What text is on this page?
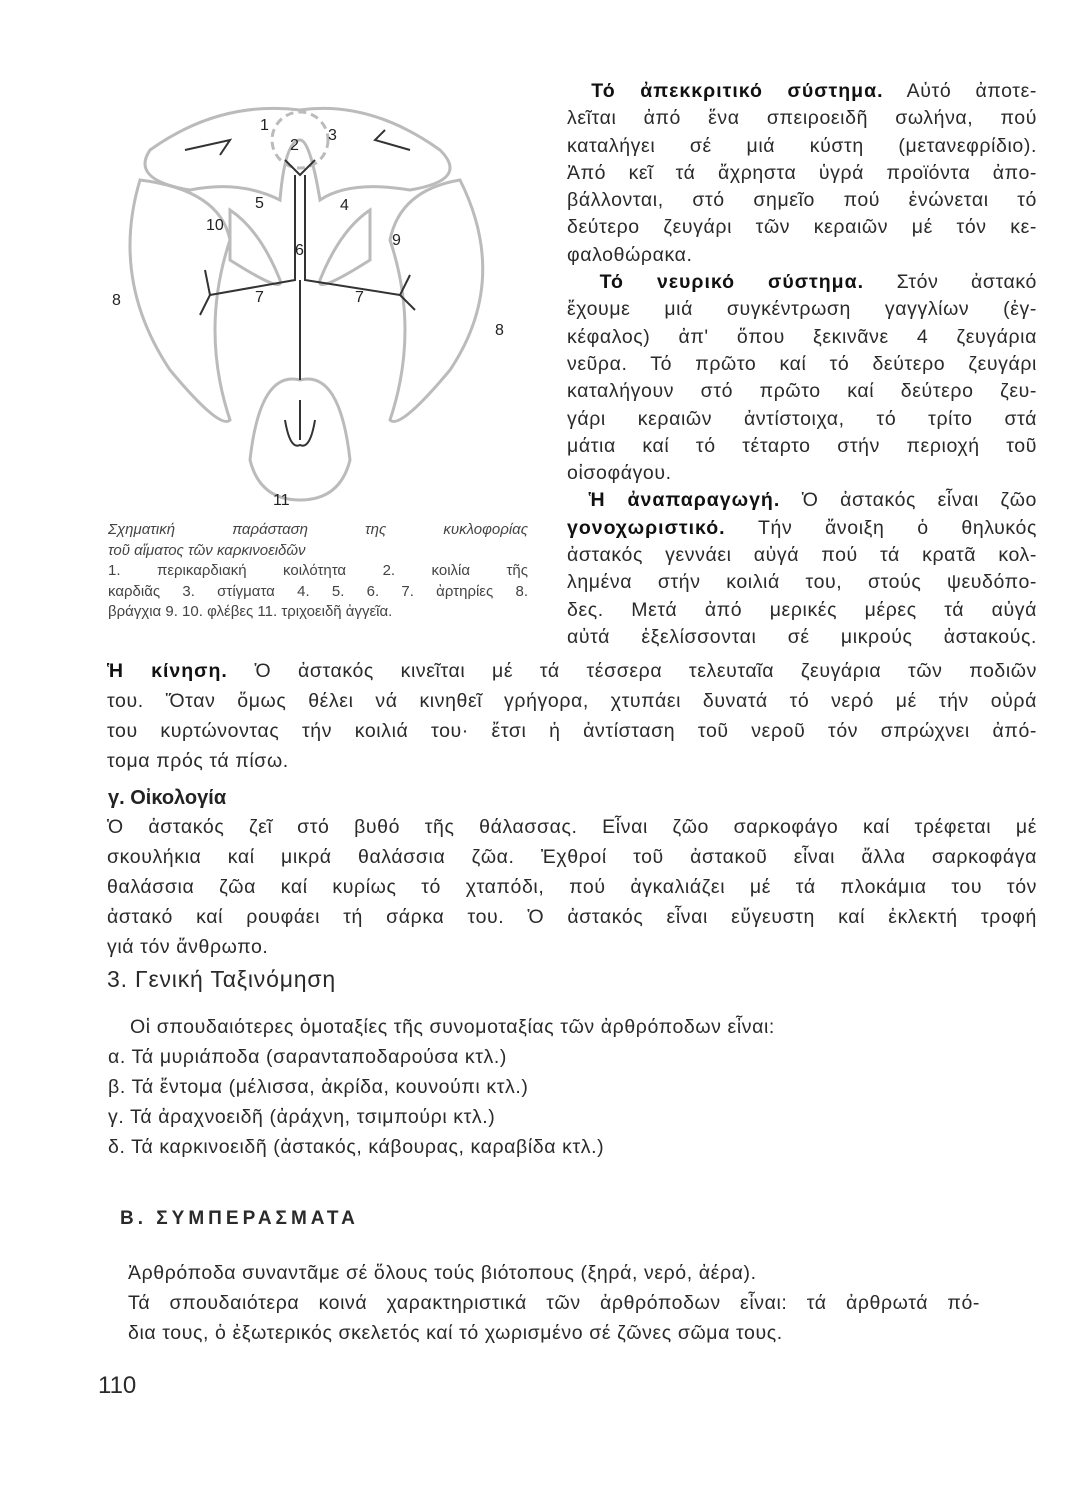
1
2
3
4
5
6
7	7
8
8
9
10
11
Σχηματική παράσταση της κυκλοφορίας
τοῦ αἵματος τῶν καρκινοειδῶν
1. περικαρδιακή κοιλότητα 2. κοιλία τῆς
καρδιᾶς 3. στίγματα 4. 5. 6. 7. ἀρτηρίες 8.
βράγχια 9. 10. φλέβες 11. τριχοειδῆ ἀγγεῖα.
Τό ἀπεκκριτικό σύστημα. Αὐτό ἀποτε-
λεῖται ἀπό ἕνα σπειροειδῆ σωλήνα, πού
καταλήγει σέ μιά κύστη (μετανεφρίδιο).
Ἀπό κεῖ τά ἄχρηστα ὑγρά προϊόντα ἀπο-
βάλλονται, στό σημεῖο πού ἑνώνεται τό
δεύτερο ζευγάρι τῶν κεραιῶν μέ τόν κε-
φαλοθώρακα.
Τό νευρικό σύστημα. Στόν ἀστακό
ἔχουμε μιά συγκέντρωση γαγγλίων (ἐγ-
κέφαλος) ἀπ' ὅπου ξεκινᾶνε 4 ζευγάρια
νεῦρα. Τό πρῶτο καί τό δεύτερο ζευγάρι
καταλήγουν στό πρῶτο καί δεύτερο ζευ-
γάρι κεραιῶν ἀντίστοιχα, τό τρίτο στά
μάτια καί τό τέταρτο στήν περιοχή τοῦ
οἰσοφάγου.
Ἡ ἀναπαραγωγή. Ὁ ἀστακός εἶναι ζῶο
γονοχωριστικό. Τήν ἄνοιξη ὁ θηλυκός
ἀστακός γεννάει αὐγά πού τά κρατᾶ κολ-
λημένα στήν κοιλιά του, στούς ψευδόπο-
δες. Μετά ἀπό μερικές μέρες τά αὐγά
αὐτά ἐξελίσσονται σέ μικρούς ἀστακούς.
Ἡ κίνηση. Ὁ ἀστακός κινεῖται μέ τά τέσσερα τελευταῖα ζευγάρια τῶν ποδιῶν
του. Ὅταν ὅμως θέλει νά κινηθεῖ γρήγορα, χτυπάει δυνατά τό νερό μέ τήν οὐρά
του κυρτώνοντας τήν κοιλιά του· ἔτσι ἡ ἀντίσταση τοῦ νεροῦ τόν σπρώχνει ἀπό-
τομα πρός τά πίσω.
γ. Οἰκολογία
Ὁ ἀστακός ζεῖ στό βυθό τῆς θάλασσας. Εἶναι ζῶο σαρκοφάγο καί τρέφεται μέ
σκουλήκια καί μικρά θαλάσσια ζῶα. Ἐχθροί τοῦ ἀστακοῦ εἶναι ἄλλα σαρκοφάγα
θαλάσσια ζῶα καί κυρίως τό χταπόδι, πού ἀγκαλιάζει μέ τά πλοκάμια του τόν
ἀστακό καί ρουφάει τή σάρκα του. Ὁ ἀστακός εἶναι εὔγευστη καί ἐκλεκτή τροφή
γιά τόν ἄνθρωπο.
3. Γενική Ταξινόμηση
Οἱ σπουδαιότερες ὁμοταξίες τῆς συνομοταξίας τῶν ἀρθρόποδων εἶναι:
α. Τά μυριάποδα (σαρανταποδαρούσα κτλ.)
β. Τά ἔντομα (μέλισσα, ἀκρίδα, κουνούπι κτλ.)
γ. Τά ἀραχνοειδῆ (ἀράχνη, τσιμπούρι κτλ.)
δ. Τά καρκινοειδῆ (ἀστακός, κάβουρας, καραβίδα κτλ.)
Β. ΣΥΜΠΕΡΑΣΜΑΤΑ
Ἀρθρόποδα συναντᾶμε σέ ὅλους τούς βιότοπους (ξηρά, νερό, ἀέρα).
Τά σπουδαιότερα κοινά χαρακτηριστικά τῶν ἀρθρόποδων εἶναι: τά ἀρθρωτά πό-
δια τους, ὁ ἐξωτερικός σκελετός καί τό χωρισμένο σέ ζῶνες σῶμα τους.
110
